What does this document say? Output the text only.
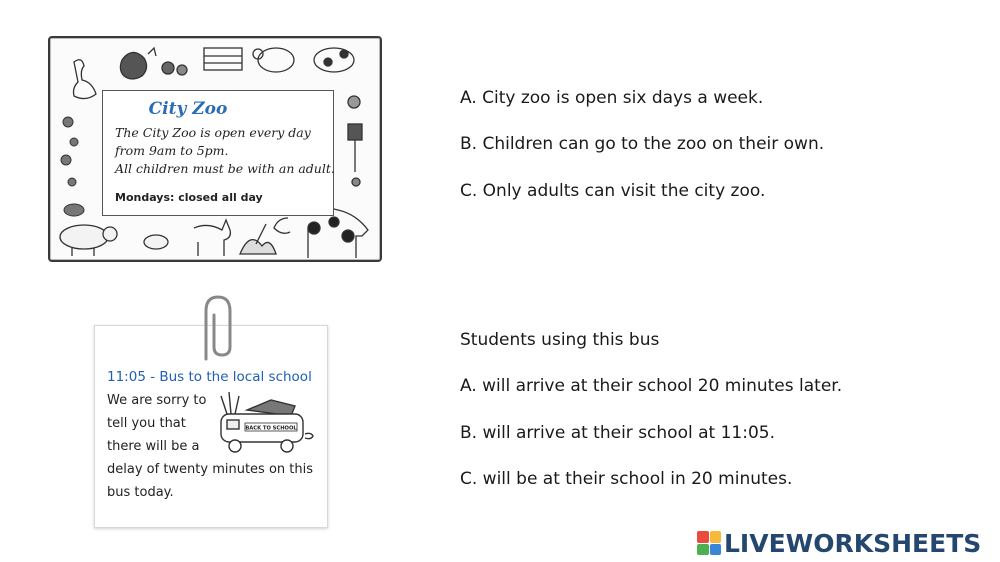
City Zoo
The City Zoo is open every day
from 9am to 5pm.
All children must be with an adult.
Mondays: closed all day
A. City zoo is open six days a week.
B. Children can go to the zoo on their own.
C. Only adults can visit the city zoo.
11:05 - Bus to the local school
We are sorry to
tell you that
there will be a
delay of twenty minutes on this
bus today.
BACK TO SCHOOL
Students using this bus
A. will arrive at their school 20 minutes later.
B. will arrive at their school at 11:05.
C. will be at their school in 20 minutes.
LIVEWORKSHEETS
